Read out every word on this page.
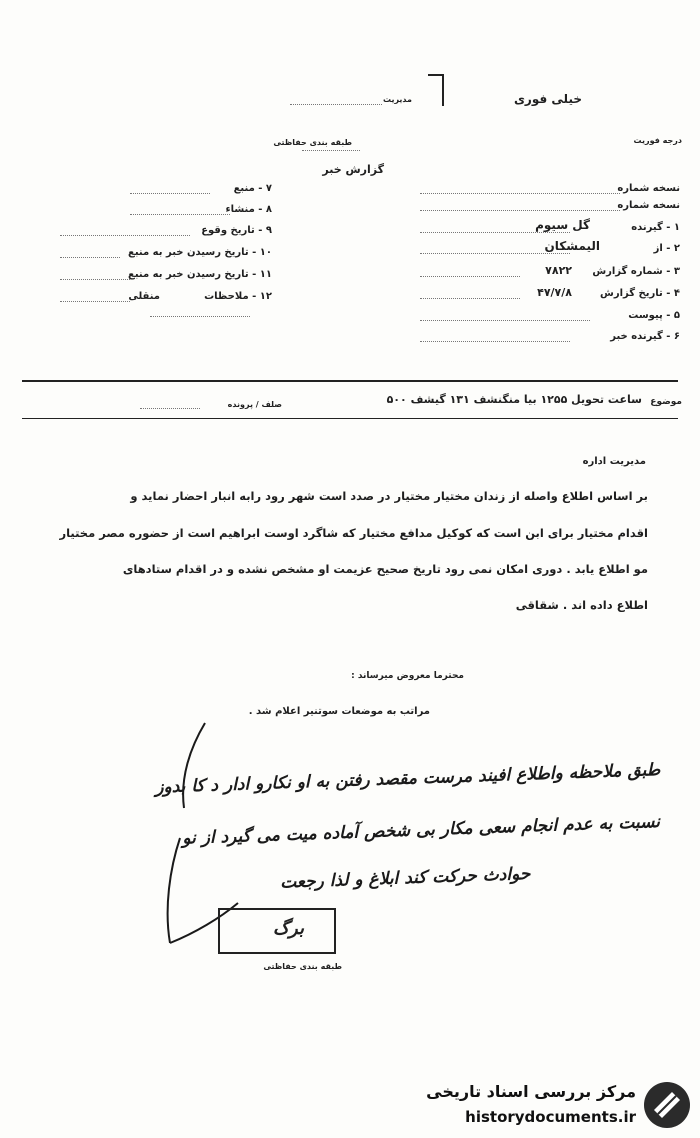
خیلی فوری
مدیریت
طبقه بندی حفاظتی	درجه فوریت
گزارش خبر
نسخه شماره
نسخه شماره
۱ - گیرنده
گل سیوم
۲ - از
الیمشکان
۳ - شماره گزارش
۷۸۲۲
۴ - تاریخ گزارش
۴۷/۷/۸
۵ - پیوست
۶ - گیرنده خبر
۷ - منبع
۸ - منشاء
۹ - تاریخ وقوع
۱۰ - تاریخ رسیدن خبر به منبع
۱۱ - تاریخ رسیدن خبر به منبع
۱۲ - ملاحظات
منقلی
موضوع
ساعت تحویل ۱۲۵۵ بیا منگنشف ۱۳۱ گیشف ۵۰۰
صلف / پرونده
مدیریت اداره
بر اساس اطلاع واصله از زندان مختیار مختیار در صدد است شهر رود رابه انبار احضار نماید و
اقدام مختیار برای ابن است که کوکیل مدافع مختیار که شاگرد اوست ابراهیم است از حضوره مصر مختیار
مو اطلاع یابد . دوری امکان نمی رود تاریخ صحیح عزیمت او مشخص نشده و در اقدام ستادهای
اطلاع داده اند . شقاقی
محترما معروض میرساند :
مراتب به موضعات سوتنیر اعلام شد .
طبق ملاحظه واطلاع افیند مرست مقصد رفتن به او نکارو ادار د کا بدوز
نسبت به عدم انجام سعی مکار بی شخص آماده میت می گیرد از نو
حوادث حرکت کند ابلاغ و لذا رجعت
برگ
طبقه بندی حفاظتی
مرکز بررسی اسناد تاریخی
historydocuments.ir
